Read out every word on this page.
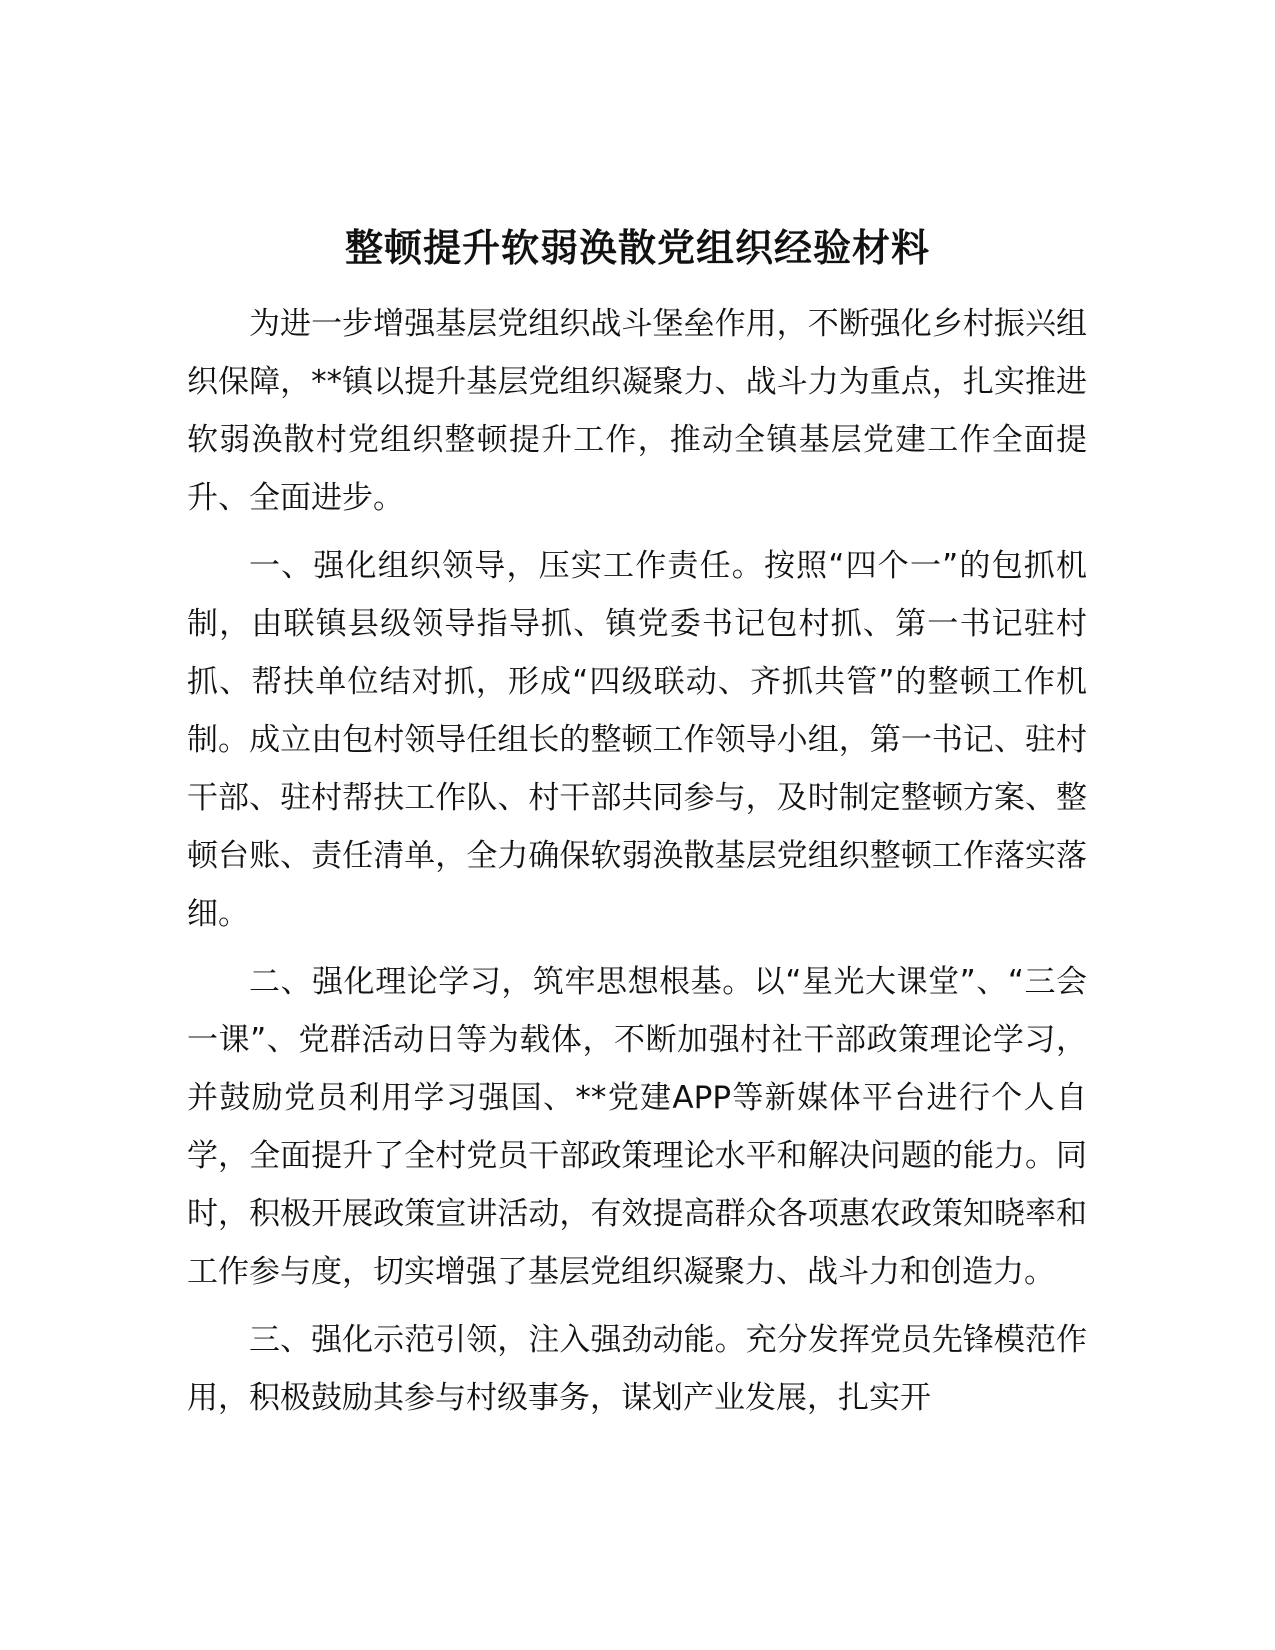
整顿提升软弱涣散党组织经验材料

为进一步增强基层党组织战斗堡垒作用，不断强化乡村振兴组织保障，**镇以提升基层党组织凝聚力、战斗力为重点，扎实推进软弱涣散村党组织整顿提升工作，推动全镇基层党建工作全面提升、全面进步。

一、强化组织领导，压实工作责任。按照“四个一”的包抓机制，由联镇县级领导指导抓、镇党委书记包村抓、第一书记驻村抓、帮扶单位结对抓，形成“四级联动、齐抓共管”的整顿工作机制。成立由包村领导任组长的整顿工作领导小组，第一书记、驻村干部、驻村帮扶工作队、村干部共同参与，及时制定整顿方案、整顿台账、责任清单，全力确保软弱涣散基层党组织整顿工作落实落细。

二、强化理论学习，筑牢思想根基。以“星光大课堂”、“三会一课”、党群活动日等为载体，不断加强村社干部政策理论学习，并鼓励党员利用学习强国、**党建APP等新媒体平台进行个人自学，全面提升了全村党员干部政策理论水平和解决问题的能力。同时，积极开展政策宣讲活动，有效提高群众各项惠农政策知晓率和工作参与度，切实增强了基层党组织凝聚力、战斗力和创造力。

三、强化示范引领，注入强劲动能。充分发挥党员先锋模范作用，积极鼓励其参与村级事务，谋划产业发展，扎实开
